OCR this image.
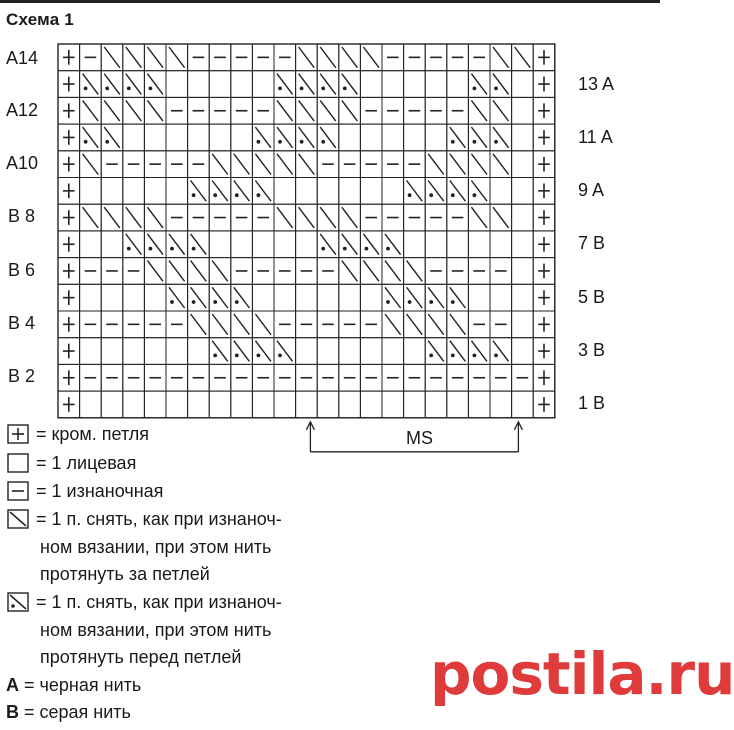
Схема 1
A14
A12
A10
B 8
B 6
B 4
B 2
13 A
11 A
9 A
7 B
5 B
3 B
1 B
MS
= кром. петля
= 1 лицевая
= 1 изнаночная
= 1 п. снять, как при изнаноч-
ном вязании, при этом нить
протянуть за петлей
= 1 п. снять, как при изнаноч-
ном вязании, при этом нить
протянуть перед петлей
A = черная нить
B = серая нить
postila.ru
